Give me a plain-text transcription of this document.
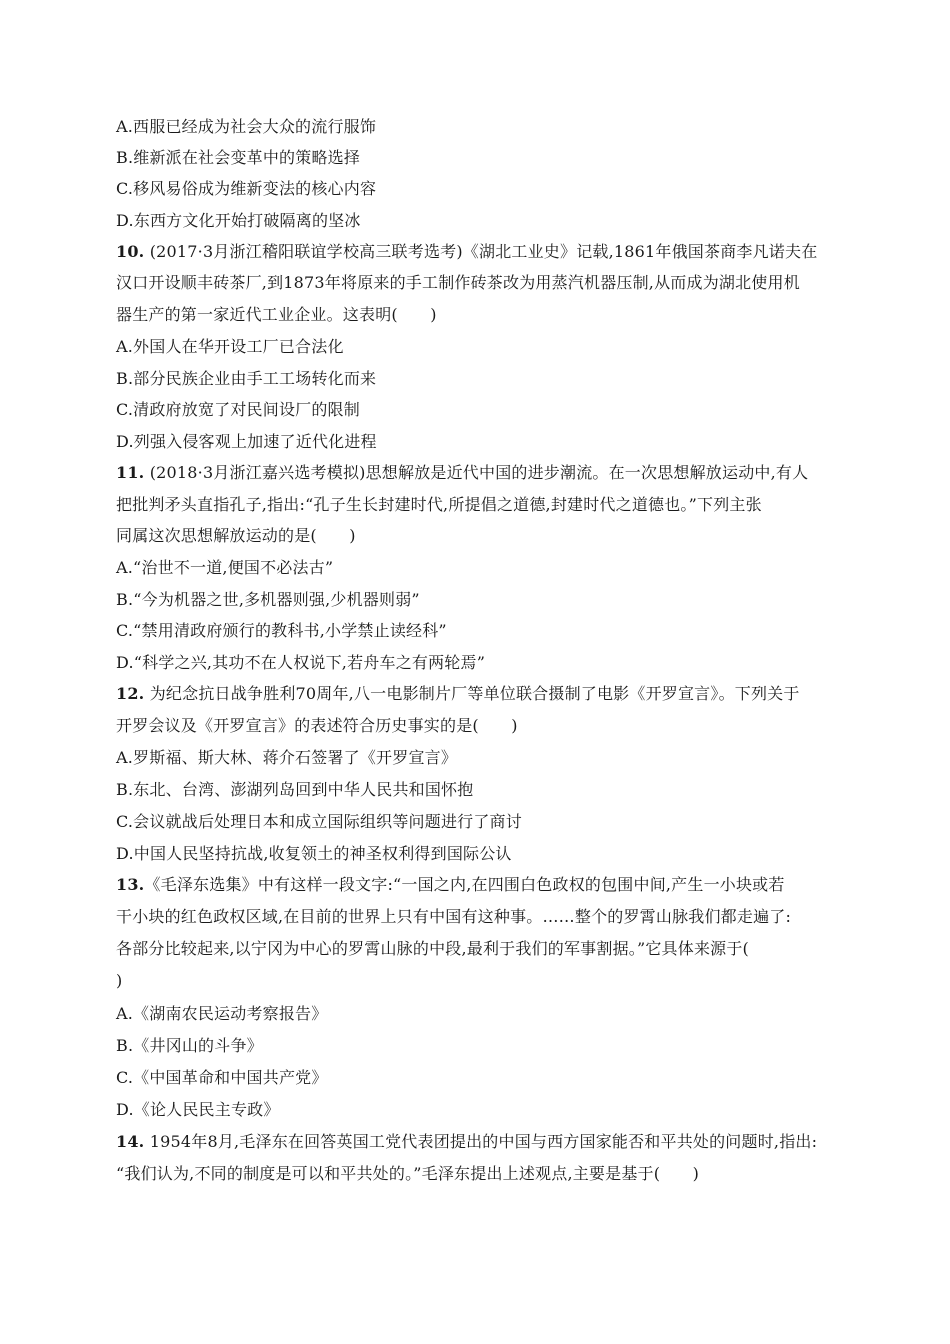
A.西服已经成为社会大众的流行服饰
B.维新派在社会变革中的策略选择
C.移风易俗成为维新变法的核心内容
D.东西方文化开始打破隔离的坚冰
10. (2017·3月浙江稽阳联谊学校高三联考选考)《湖北工业史》记载,1861年俄国茶商李凡诺夫在
汉口开设顺丰砖茶厂,到1873年将原来的手工制作砖茶改为用蒸汽机器压制,从而成为湖北使用机
器生产的第一家近代工业企业。这表明(　　)
A.外国人在华开设工厂已合法化
B.部分民族企业由手工工场转化而来
C.清政府放宽了对民间设厂的限制
D.列强入侵客观上加速了近代化进程
11. (2018·3月浙江嘉兴选考模拟)思想解放是近代中国的进步潮流。在一次思想解放运动中,有人
把批判矛头直指孔子,指出:“孔子生长封建时代,所提倡之道德,封建时代之道德也。”下列主张
同属这次思想解放运动的是(　　)
A.“治世不一道,便国不必法古”
B.“今为机器之世,多机器则强,少机器则弱”
C.“禁用清政府颁行的教科书,小学禁止读经科”
D.“科学之兴,其功不在人权说下,若舟车之有两轮焉”
12. 为纪念抗日战争胜利70周年,八一电影制片厂等单位联合摄制了电影《开罗宣言》。下列关于
开罗会议及《开罗宣言》的表述符合历史事实的是(　　)
A.罗斯福、斯大林、蒋介石签署了《开罗宣言》
B.东北、台湾、澎湖列岛回到中华人民共和国怀抱
C.会议就战后处理日本和成立国际组织等问题进行了商讨
D.中国人民坚持抗战,收复领土的神圣权利得到国际公认
13.《毛泽东选集》中有这样一段文字:“一国之内,在四围白色政权的包围中间,产生一小块或若
干小块的红色政权区域,在目前的世界上只有中国有这种事。……整个的罗霄山脉我们都走遍了:
各部分比较起来,以宁冈为中心的罗霄山脉的中段,最利于我们的军事割据。”它具体来源于(
)
A.《湖南农民运动考察报告》
B.《井冈山的斗争》
C.《中国革命和中国共产党》
D.《论人民民主专政》
14. 1954年8月,毛泽东在回答英国工党代表团提出的中国与西方国家能否和平共处的问题时,指出:
“我们认为,不同的制度是可以和平共处的。”毛泽东提出上述观点,主要是基于(　　)
